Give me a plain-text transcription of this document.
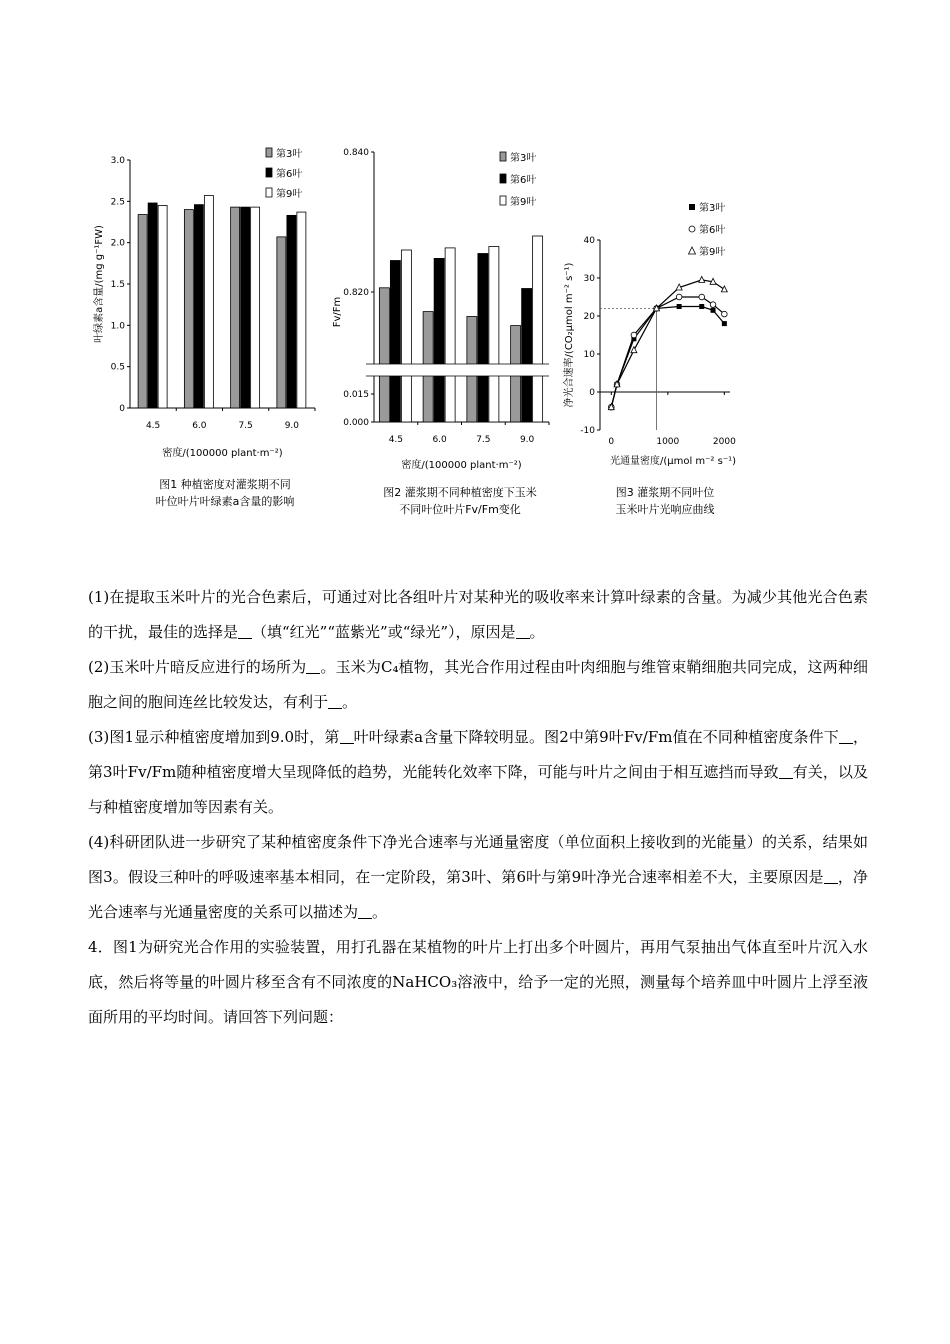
0
0.5
1.0
1.5
2.0
2.5
3.0
4.5	6.0	7.5	9.0
第3叶
第6叶
第9叶
叶绿素a含量/(mg g⁻¹FW)
密度/(100000 plant·m⁻²)
图1 种植密度对灌浆期不同
叶位叶片叶绿素a含量的影响
0.000
0.015
0.820
0.840
4.5	6.0	7.5	9.0
第3叶
第6叶
第9叶
Fv/Fm
密度/(100000 plant·m⁻²)
图2 灌浆期不同种植密度下玉米
不同叶位叶片Fv/Fm变化
-10
0
10
20
30
40
0	1000	2000
第3叶
第6叶
第9叶
净光合速率/(CO₂μmol m⁻² s⁻¹)
光通量密度/(μmol m⁻² s⁻¹)
图3 灌浆期不同叶位
玉米叶片光响应曲线

(1)在提取玉米叶片的光合色素后，可通过对比各组叶片对某种光的吸收率来计算叶绿素的含量。为减少其他光合色素的干扰，最佳的选择是 （填“红光”“蓝紫光”或“绿光”），原因是 。

(2)玉米叶片暗反应进行的场所为 。玉米为C₄植物，其光合作用过程由叶肉细胞与维管束鞘细胞共同完成，这两种细胞之间的胞间连丝比较发达，有利于 。

(3)图1显示种植密度增加到9.0时，第 叶叶绿素a含量下降较明显。图2中第9叶Fv/Fm值在不同种植密度条件下 ，第3叶Fv/Fm随种植密度增大呈现降低的趋势，光能转化效率下降，可能与叶片之间由于相互遮挡而导致 有关，以及与种植密度增加等因素有关。

(4)科研团队进一步研究了某种植密度条件下净光合速率与光通量密度（单位面积上接收到的光能量）的关系，结果如图3。假设三种叶的呼吸速率基本相同，在一定阶段，第3叶、第6叶与第9叶净光合速率相差不大，主要原因是 ，净光合速率与光通量密度的关系可以描述为 。

4．图1为研究光合作用的实验装置，用打孔器在某植物的叶片上打出多个叶圆片，再用气泵抽出气体直至叶片沉入水底，然后将等量的叶圆片移至含有不同浓度的NaHCO₃溶液中，给予一定的光照，测量每个培养皿中叶圆片上浮至液面所用的平均时间。请回答下列问题：
